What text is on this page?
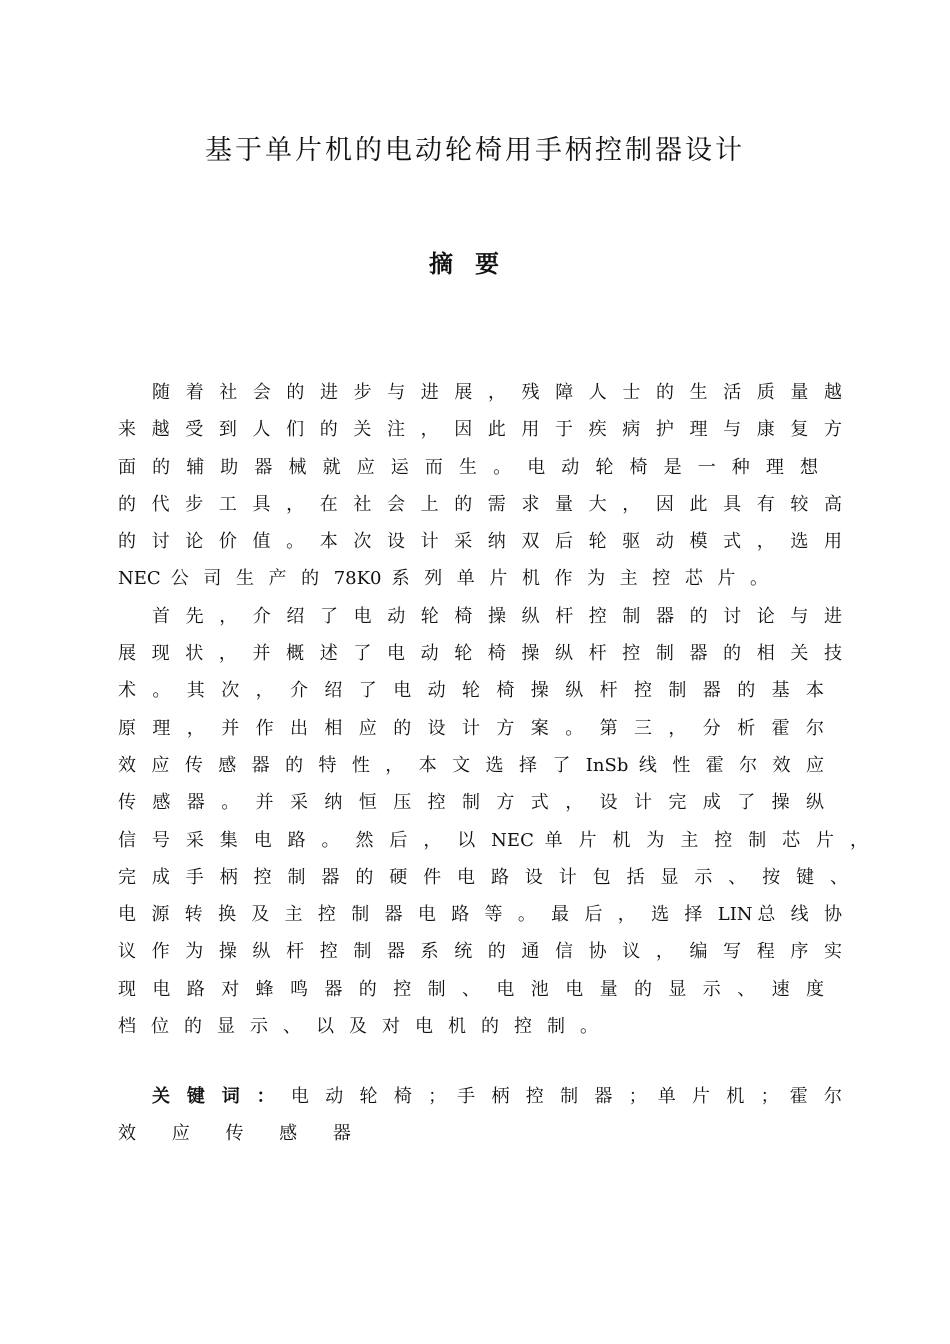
基于单片机的电动轮椅用手柄控制器设计
摘要
随 着 社 会 的 进 步 与 进 展 ， 残 障 人 士 的 生 活 质 量 越
来 越 受 到 人 们 的 关 注 ， 因 此 用 于 疾 病 护 理 与 康 复 方
面 的 辅 助 器 械 就 应 运 而 生 。 电 动 轮 椅 是 一 种 理 想
的 代 步 工 具 ， 在 社 会 上 的 需 求 量 大 ， 因 此 具 有 较 高
的 讨 论 价 值 。 本 次 设 计 采 纳 双 后 轮 驱 动 模 式 ， 选 用
NEC 公 司 生 产 的 78K0 系 列 单 片 机 作 为 主 控 芯 片 。
首 先 ， 介 绍 了 电 动 轮 椅 操 纵 杆 控 制 器 的 讨 论 与 进
展 现 状 ， 并 概 述 了 电 动 轮 椅 操 纵 杆 控 制 器 的 相 关 技
术 。 其 次 ， 介 绍 了 电 动 轮 椅 操 纵 杆 控 制 器 的 基 本
原 理 ， 并 作 出 相 应 的 设 计 方 案 。 第 三 ， 分 析 霍 尔
效 应 传 感 器 的 特 性 ， 本 文 选 择 了 InSb 线 性 霍 尔 效 应
传 感 器 。 并 采 纳 恒 压 控 制 方 式 ， 设 计 完 成 了 操 纵
信 号 采 集 电 路 。 然 后 ， 以 NEC 单 片 机 为 主 控 制 芯 片 ，
完 成 手 柄 控 制 器 的 硬 件 电 路 设 计 包 括 显 示 、 按 键 、
电 源 转 换 及 主 控 制 器 电 路 等 。 最 后 ， 选 择 LIN总 线 协
议 作 为 操 纵 杆 控 制 器 系 统 的 通 信 协 议 ， 编 写 程 序 实
现 电 路 对 蜂 鸣 器 的 控 制 、 电 池 电 量 的 显 示 、 速 度
档 位 的 显 示 、 以 及 对 电 机 的 控 制 。
关 键 词 ： 电 动 轮 椅 ； 手 柄 控 制 器 ； 单 片 机 ； 霍 尔
效 应 传 感 器
